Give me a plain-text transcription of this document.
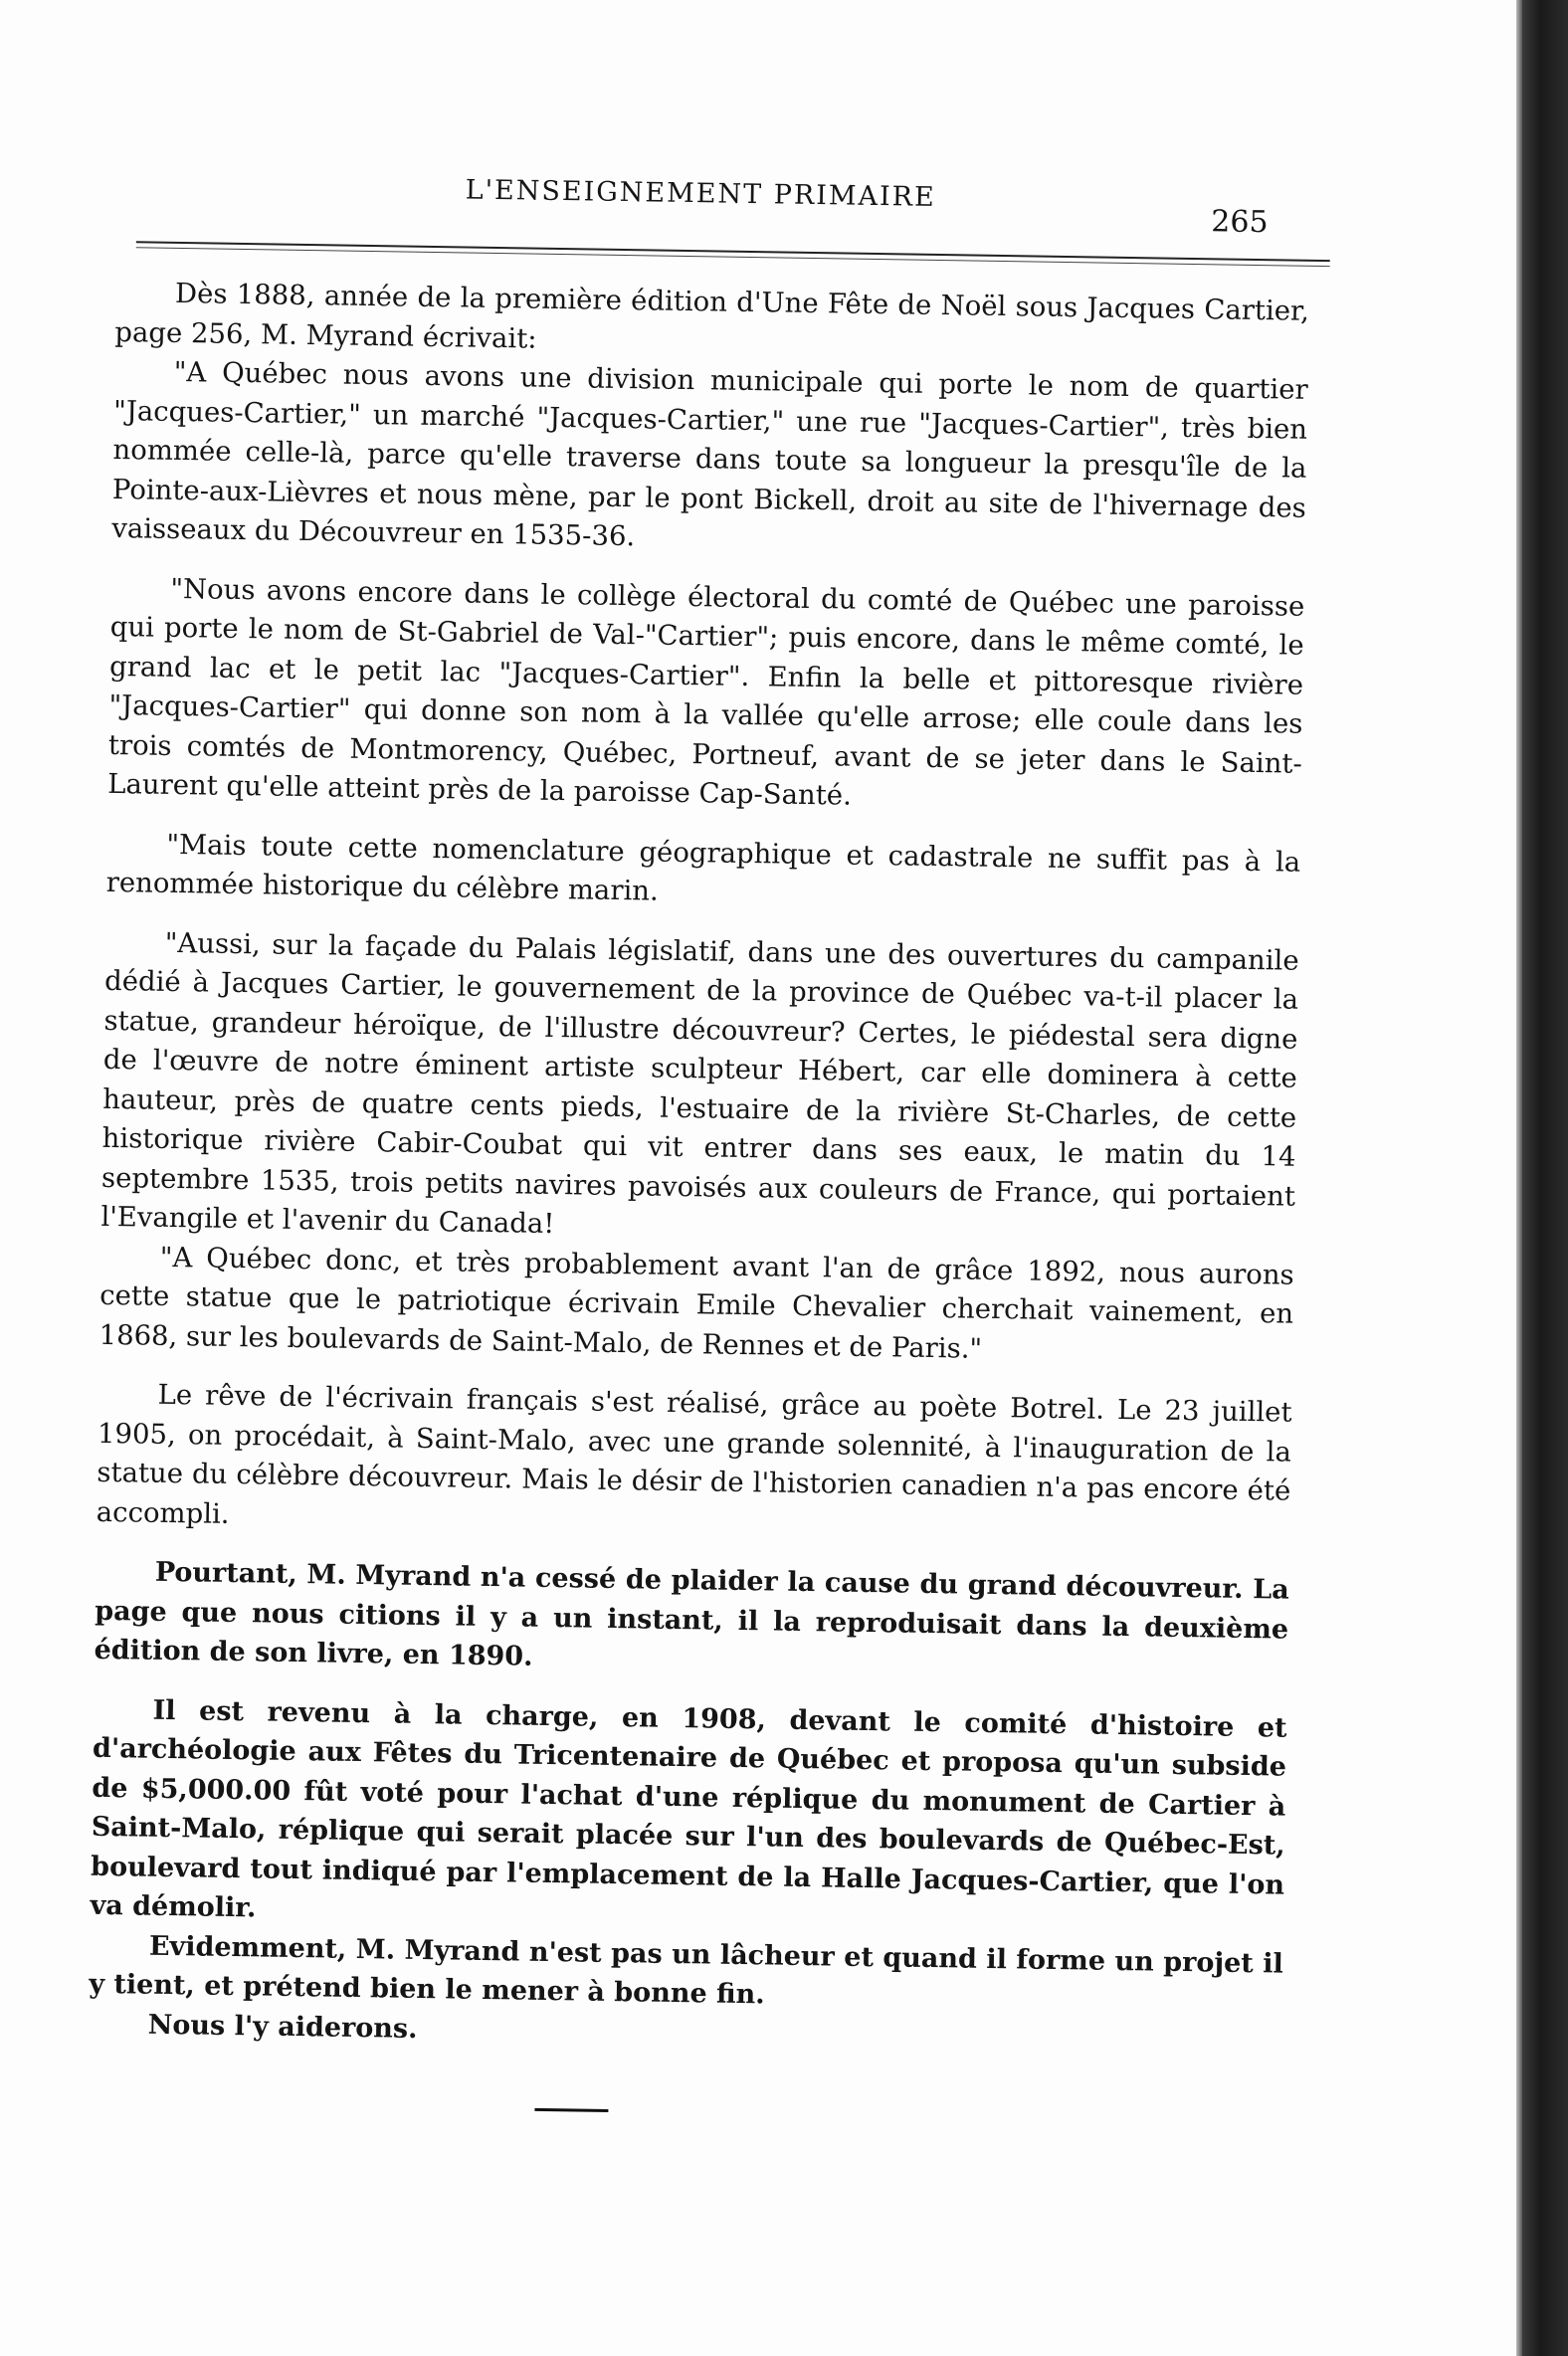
L'ENSEIGNEMENT PRIMAIRE
265

Dès 1888, année de la première édition d'Une Fête de Noël sous Jacques Cartier, page 256, M. Myrand écrivait:

"A Québec nous avons une division municipale qui porte le nom de quartier "Jacques-Cartier," un marché "Jacques-Cartier," une rue "Jacques-Cartier", très bien nommée celle-là, parce qu'elle traverse dans toute sa longueur la presqu'île de la Pointe-aux-Lièvres et nous mène, par le pont Bickell, droit au site de l'hivernage des vaisseaux du Découvreur en 1535-36.

"Nous avons encore dans le collège électoral du comté de Québec une paroisse qui porte le nom de St-Gabriel de Val-"Cartier"; puis encore, dans le même comté, le grand lac et le petit lac "Jacques-Cartier". Enfin la belle et pittoresque rivière "Jacques-Cartier" qui donne son nom à la vallée qu'elle arrose; elle coule dans les trois comtés de Montmorency, Québec, Portneuf, avant de se jeter dans le Saint-Laurent qu'elle atteint près de la paroisse Cap-Santé.

"Mais toute cette nomenclature géographique et cadastrale ne suffit pas à la renommée historique du célèbre marin.

"Aussi, sur la façade du Palais législatif, dans une des ouvertures du campanile dédié à Jacques Cartier, le gouvernement de la province de Québec va-t-il placer la statue, grandeur héroïque, de l'illustre découvreur? Certes, le piédestal sera digne de l'œuvre de notre éminent artiste sculpteur Hébert, car elle dominera à cette hauteur, près de quatre cents pieds, l'estuaire de la rivière St-Charles, de cette historique rivière Cabir-Coubat qui vit entrer dans ses eaux, le matin du 14 septembre 1535, trois petits navires pavoisés aux couleurs de France, qui portaient l'Evangile et l'avenir du Canada!

"A Québec donc, et très probablement avant l'an de grâce 1892, nous aurons cette statue que le patriotique écrivain Emile Chevalier cherchait vainement, en 1868, sur les boulevards de Saint-Malo, de Rennes et de Paris."

Le rêve de l'écrivain français s'est réalisé, grâce au poète Botrel. Le 23 juillet 1905, on procédait, à Saint-Malo, avec une grande solennité, à l'inauguration de la statue du célèbre découvreur. Mais le désir de l'historien canadien n'a pas encore été accompli.

Pourtant, M. Myrand n'a cessé de plaider la cause du grand découvreur. La page que nous citions il y a un instant, il la reproduisait dans la deuxième édition de son livre, en 1890.

Il est revenu à la charge, en 1908, devant le comité d'histoire et d'archéologie aux Fêtes du Tricentenaire de Québec et proposa qu'un subside de $5,000.00 fût voté pour l'achat d'une réplique du monument de Cartier à Saint-Malo, réplique qui serait placée sur l'un des boulevards de Québec-Est, boulevard tout indiqué par l'emplacement de la Halle Jacques-Cartier, que l'on va démolir.

Evidemment, M. Myrand n'est pas un lâcheur et quand il forme un projet il y tient, et prétend bien le mener à bonne fin.

Nous l'y aiderons.
